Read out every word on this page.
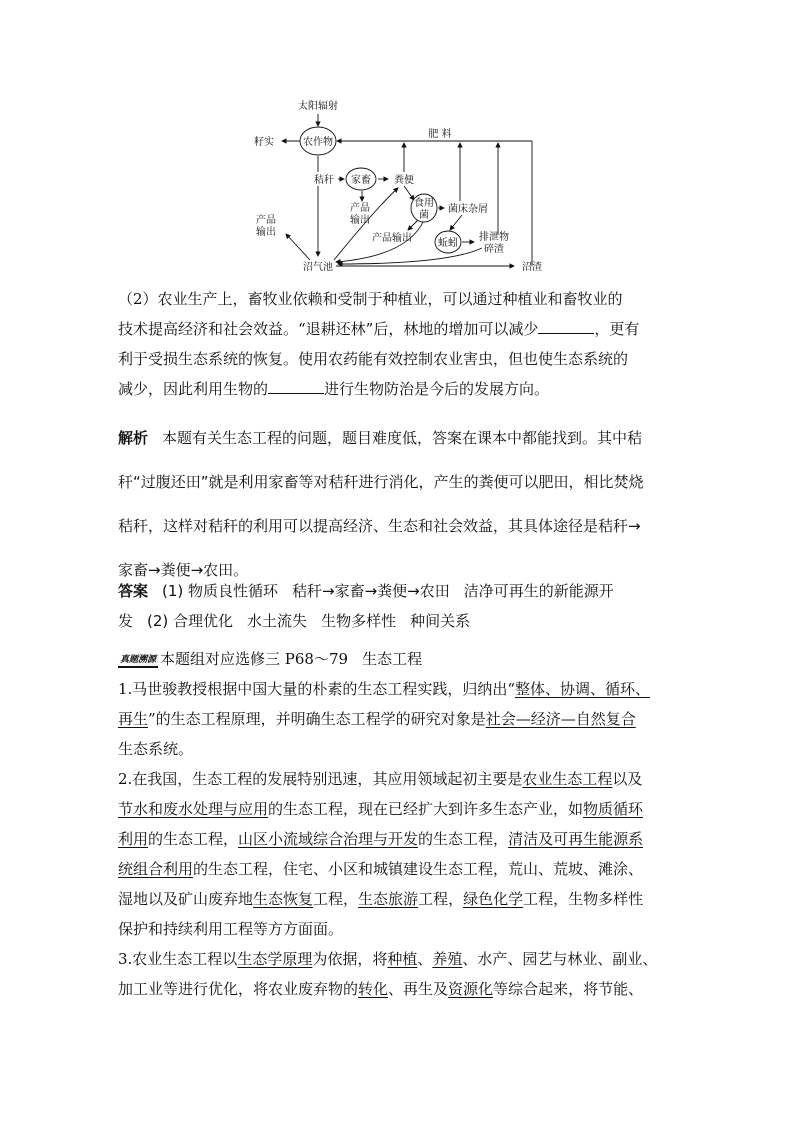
太阳辐射
农作物
籽实
肥 料
秸秆 家畜 粪便
产品
输出
食用
菌
菌床杂屑
产品
输出
产品输出	蚯蚓
排泄物
碎渣
沼气池	沼渣
（2）农业生产上，畜牧业依赖和受制于种植业，可以通过种植业和畜牧业的
技术提高经济和社会效益。“退耕还林”后，林地的增加可以减少	，更有
利于受损生态系统的恢复。使用农药能有效控制农业害虫，但也使生态系统的
减少，因此利用生物的	进行生物防治是今后的发展方向。
解析 本题有关生态工程的问题，题目难度低，答案在课本中都能找到。其中秸
秆“过腹还田”就是利用家畜等对秸秆进行消化，产生的粪便可以肥田，相比焚烧
秸秆，这样对秸秆的利用可以提高经济、生态和社会效益，其具体途径是秸秆→
家畜→粪便→农田。
答案 (1) 物质良性循环 秸秆→家畜→粪便→农田 洁净可再生的新能源开
发 (2) 合理优化 水土流失 生物多样性 种间关系
真题溯源 本题组对应选修三 P68～79 生态工程

1.马世骏教授根据中国大量的朴素的生态工程实践，归纳出“整体、协调、循环、
再生”的生态工程原理，并明确生态工程学的研究对象是社会—经济—自然复合
生态系统。

2.在我国，生态工程的发展特别迅速，其应用领域起初主要是农业生态工程以及
节水和废水处理与应用的生态工程，现在已经扩大到许多生态产业，如物质循环
利用的生态工程，山区小流域综合治理与开发的生态工程，清洁及可再生能源系
统组合利用的生态工程，住宅、小区和城镇建设生态工程，荒山、荒坡、滩涂、
湿地以及矿山废弃地生态恢复工程，生态旅游工程，绿色化学工程，生物多样性
保护和持续利用工程等方方面面。

3.农业生态工程以生态学原理为依据，将种植、养殖、水产、园艺与林业、副业、
加工业等进行优化，将农业废弃物的转化、再生及资源化等综合起来，将节能、
